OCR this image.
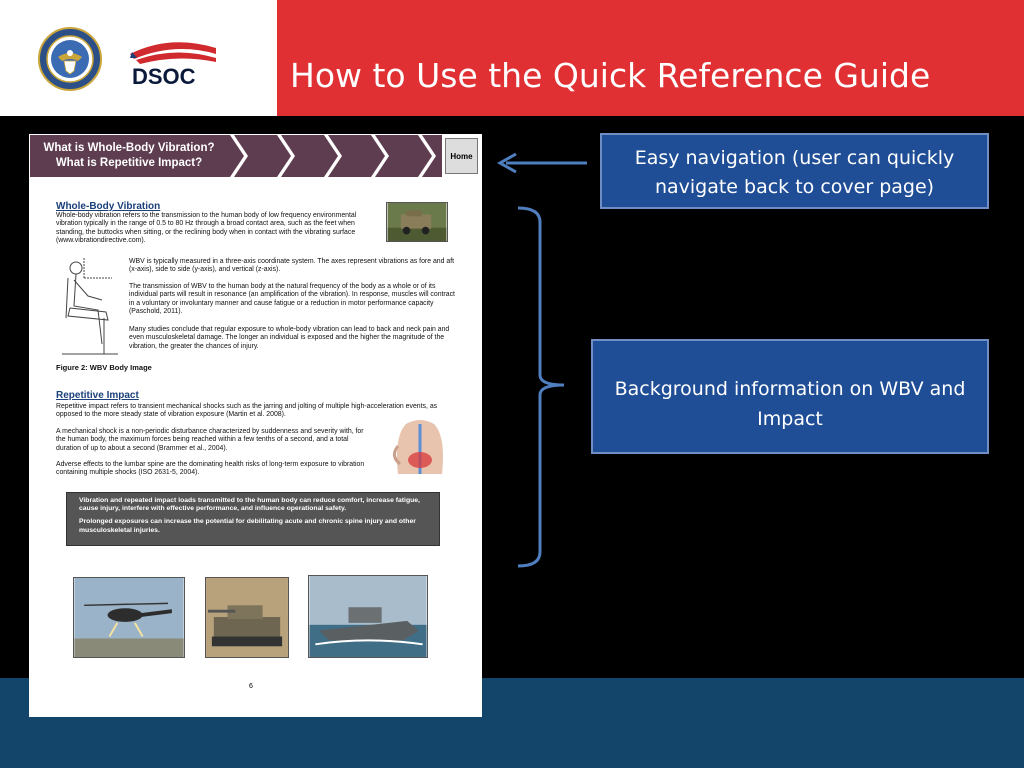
How to Use the Quick Reference Guide
DSOC
What is Whole-Body Vibration?
What is Repetitive Impact?
Home
Whole-Body Vibration
Whole-body vibration refers to the transmission to the human body of low frequency environmental vibration typically in the range of 0.5 to 80 Hz through a broad contact area, such as the feet when standing, the buttocks when sitting, or the reclining body when in contact with the vibrating surface (www.vibrationdirective.com).
WBV is typically measured in a three-axis coordinate system. The axes represent vibrations as fore and aft (x-axis), side to side (y-axis), and vertical (z-axis).
The transmission of WBV to the human body at the natural frequency of the body as a whole or of its individual parts will result in resonance (an amplification of the vibration). In response, muscles will contract in a voluntary or involuntary manner and cause fatigue or a reduction in motor performance capacity (Paschold, 2011).
Many studies conclude that regular exposure to whole-body vibration can lead to back and neck pain and even musculoskeletal damage. The longer an individual is exposed and the higher the magnitude of the vibration, the greater the chances of injury.
Figure 2: WBV Body Image
Repetitive Impact
Repetitive impact refers to transient mechanical shocks such as the jarring and jolting of multiple high-acceleration events, as opposed to the more steady state of vibration exposure (Martin et al. 2008).
A mechanical shock is a non-periodic disturbance characterized by suddenness and severity with, for the human body, the maximum forces being reached within a few tenths of a second, and a total duration of up to about a second (Brammer et al., 2004).
Adverse effects to the lumbar spine are the dominating health risks of long-term exposure to vibration containing multiple shocks (ISO 2631-5, 2004).

Vibration and repeated impact loads transmitted to the human body can reduce comfort, increase fatigue, cause injury, interfere with effective performance, and influence operational safety.

Prolonged exposures can increase the potential for debilitating acute and chronic spine injury and other musculoskeletal injuries.

6
Easy navigation (user can quickly navigate back to cover page)
Background information on WBV and Impact
